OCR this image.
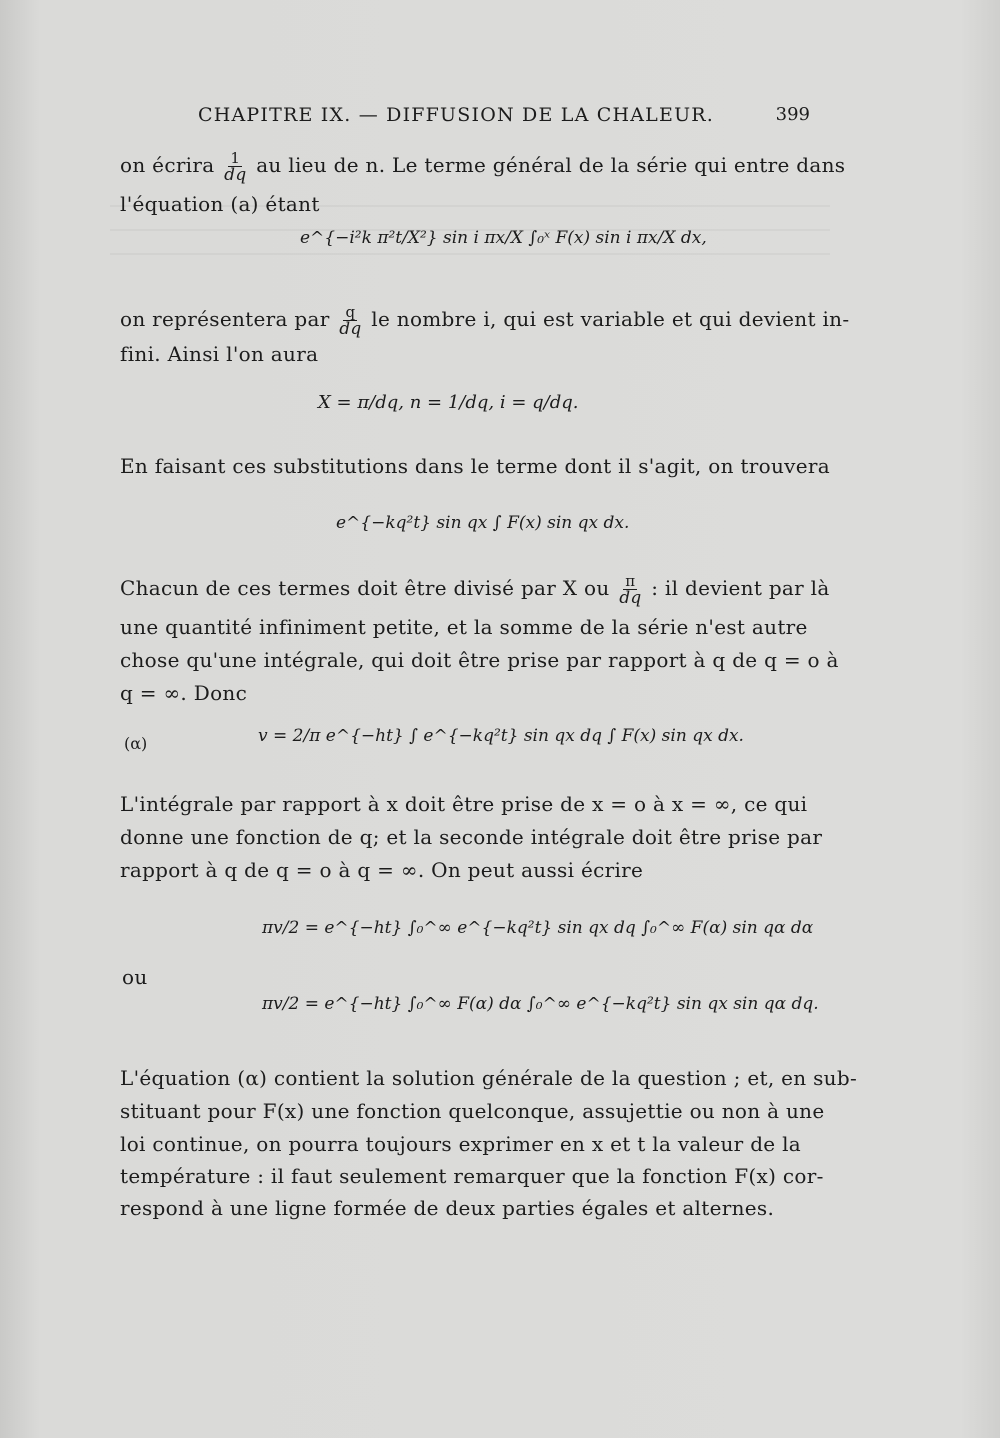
CHAPITRE IX. — DIFFUSION DE LA CHALEUR.	399
on écrira $\frac{1}{dq}$ au lieu de n. Le terme général de la série qui entre dans
l'équation (a) étant
e^{−i²k π²t/X²} sin i πx/X ∫₀ˣ F(x) sin i πx/X dx,
on représentera par $\frac{q}{dq}$ le nombre i, qui est variable et qui devient in-
fini. Ainsi l'on aura
X = π/dq, n = 1/dq, i = q/dq.
En faisant ces substitutions dans le terme dont il s'agit, on trouvera
e^{−kq²t} sin qx ∫ F(x) sin qx dx.
Chacun de ces termes doit être divisé par X ou $\frac{\pi}{dq}$ : il devient par là
une quantité infiniment petite, et la somme de la série n'est autre
chose qu'une intégrale, qui doit être prise par rapport à q de q = o à
q = ∞. Donc
(α)	v = 2/π e^{−ht} ∫ e^{−kq²t} sin qx dq ∫ F(x) sin qx dx.
L'intégrale par rapport à x doit être prise de x = o à x = ∞, ce qui
donne une fonction de q; et la seconde intégrale doit être prise par
rapport à q de q = o à q = ∞. On peut aussi écrire
πv/2 = e^{−ht} ∫₀^∞ e^{−kq²t} sin qx dq ∫₀^∞ F(α) sin qα dα
ou
πv/2 = e^{−ht} ∫₀^∞ F(α) dα ∫₀^∞ e^{−kq²t} sin qx sin qα dq.
L'équation (α) contient la solution générale de la question ; et, en sub-
stituant pour F(x) une fonction quelconque, assujettie ou non à une
loi continue, on pourra toujours exprimer en x et t la valeur de la
température : il faut seulement remarquer que la fonction F(x) cor-
respond à une ligne formée de deux parties égales et alternes.
